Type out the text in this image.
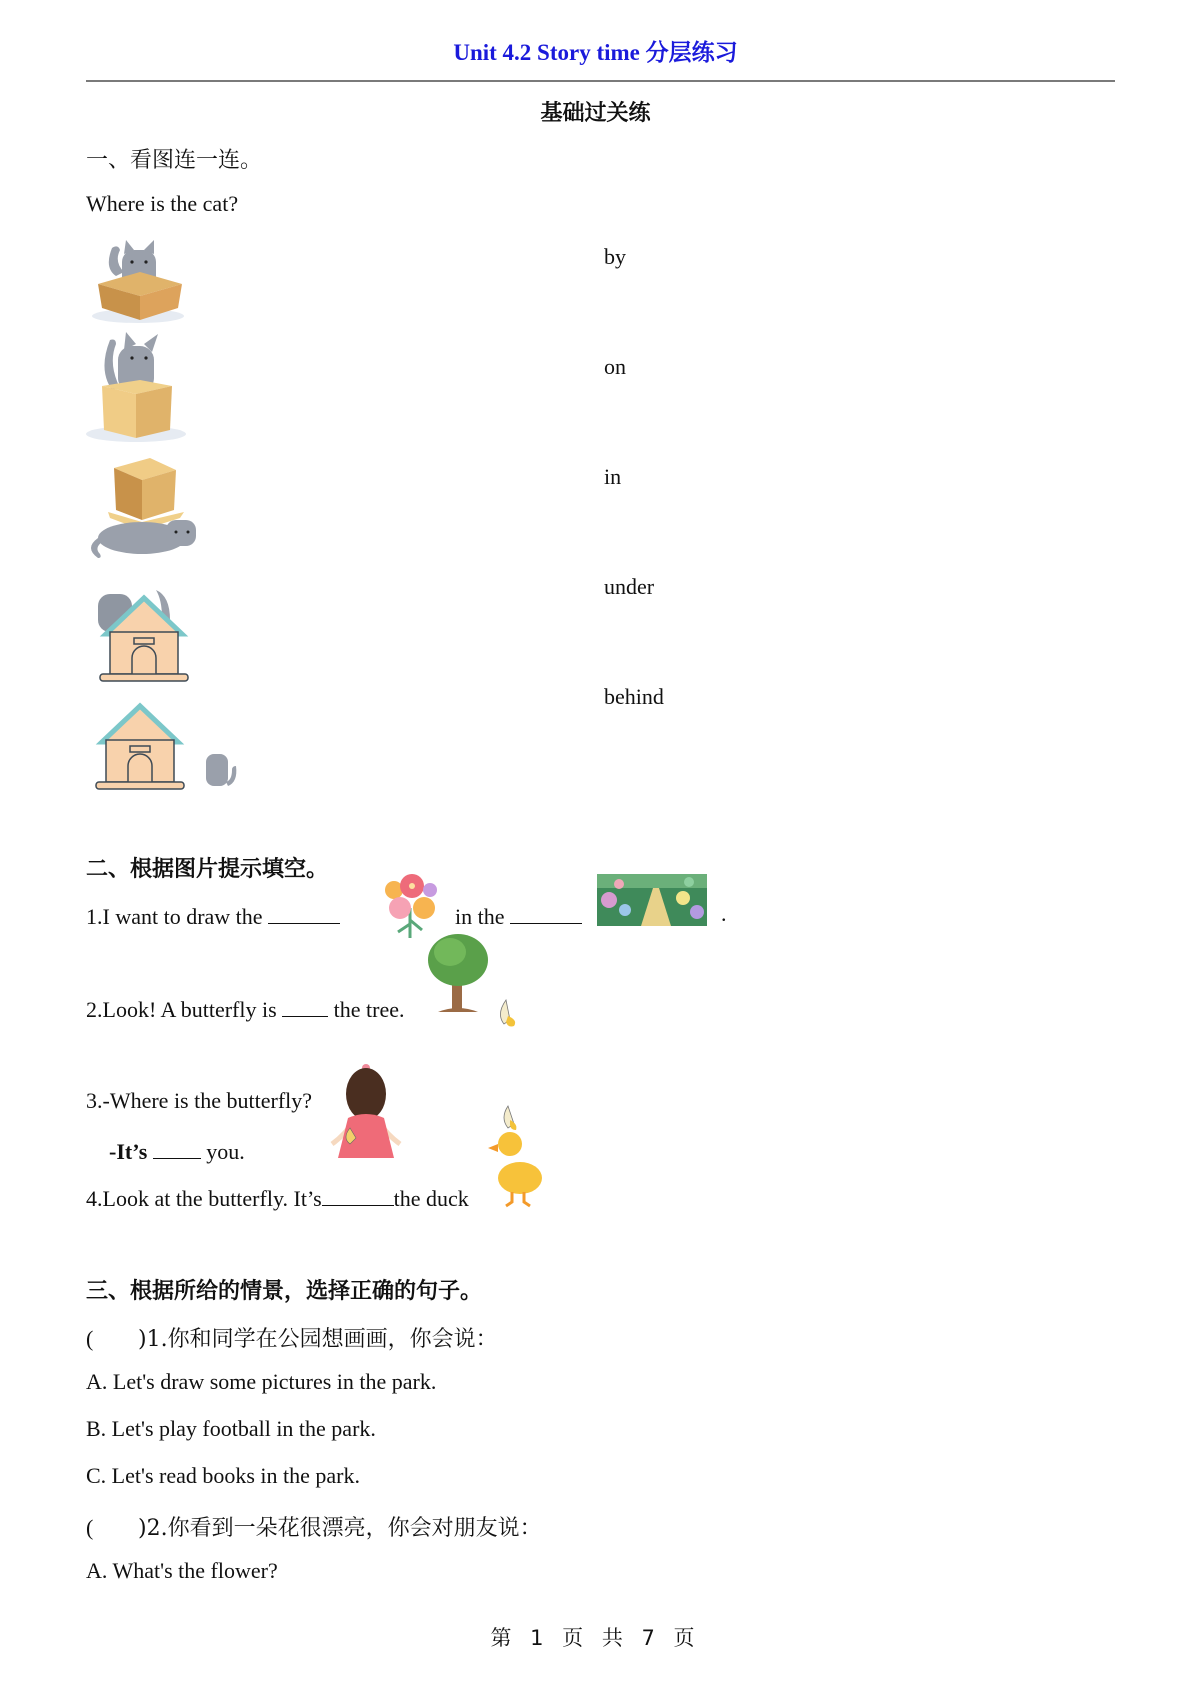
Unit 4.2 Story time 分层练习
基础过关练
一、看图连一连。
Where is the cat?
by
on
in
under
behind
二、根据图片提示填空。
1.I want to draw the	in the	.
2.Look! A butterfly is	the tree.
3.-Where is the butterfly?
-It’s	you.
4.Look at the butterfly. It’s	the duck
三、根据所给的情景，选择正确的句子。
( )1.你和同学在公园想画画，你会说：
A. Let's draw some pictures in the park.
B. Let's play football in the park.
C. Let's read books in the park.
( )2.你看到一朵花很漂亮，你会对朋友说：
A. What's the flower?
第 1 页 共 7 页
